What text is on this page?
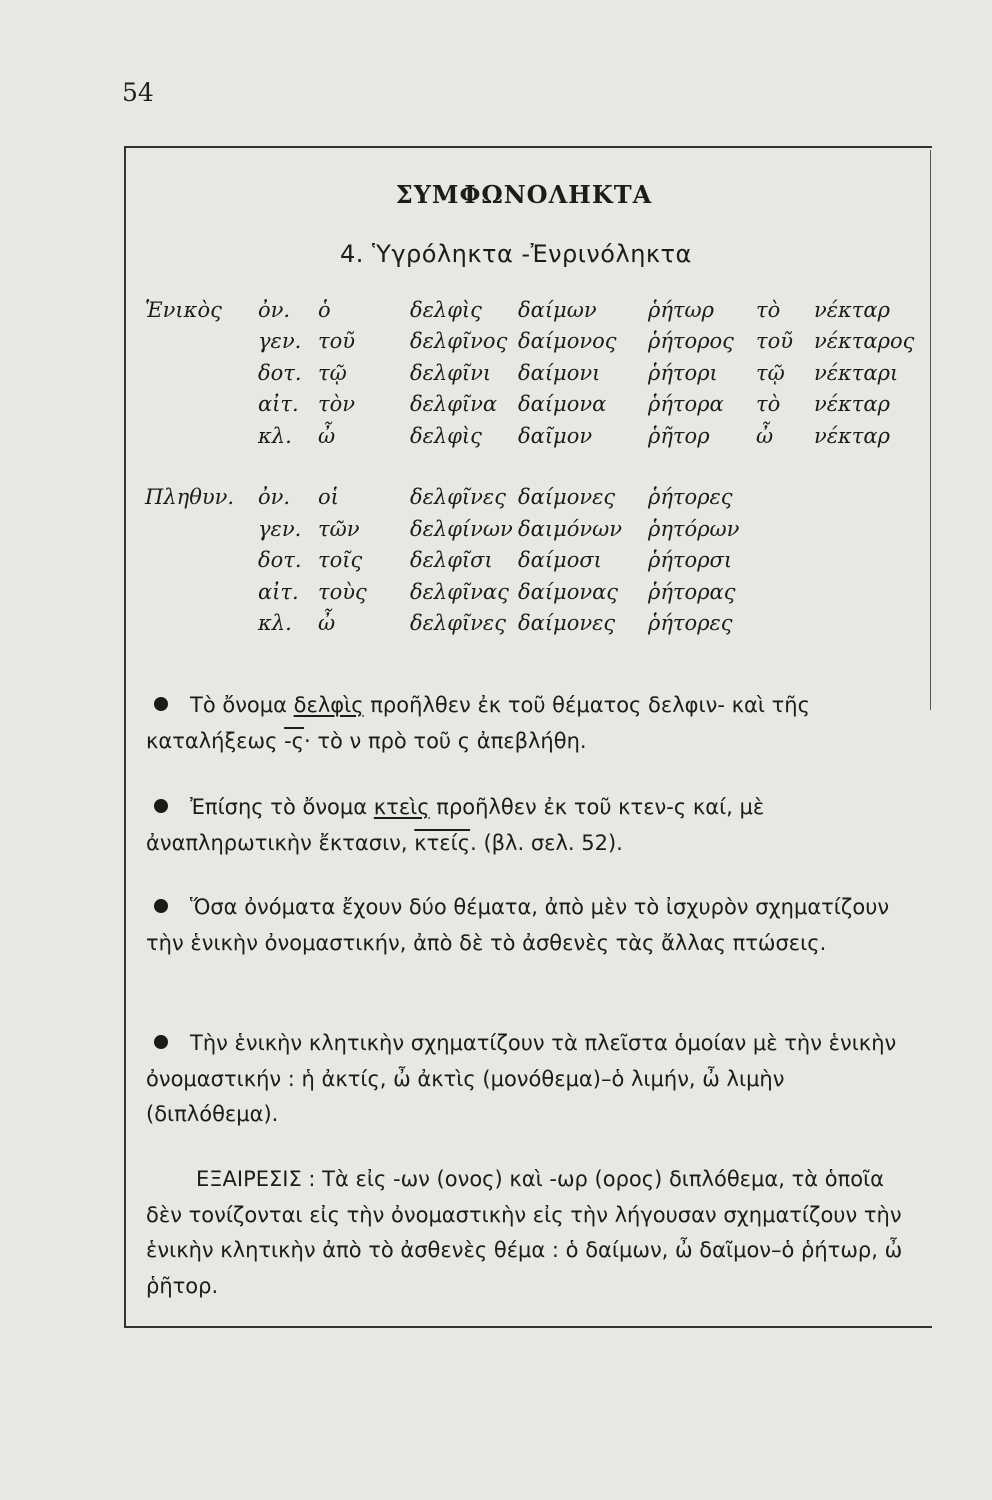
54
ΣΥΜΦΩΝΟΛΗΚΤΑ
4. Ὑγρόληκτα -Ἐνρινόληκτα
Ἑνικὸς	ὀν.	ὁ	δελφὶς	δαίμων	ῥήτωρ	τὸ	νέκταρ
	γεν.	τοῦ	δελφῖνος	δαίμονος	ῥήτορος	τοῦ	νέκταρος
	δοτ.	τῷ	δελφῖνι	δαίμονι	ῥήτορι	τῷ	νέκταρι
	αἰτ.	τὸν	δελφῖνα	δαίμονα	ῥήτορα	τὸ	νέκταρ
	κλ.	ὦ	δελφὶς	δαῖμον	ῥῆτορ	ὦ	νέκταρ

Πληθυν.	ὀν.	οἱ	δελφῖνες	δαίμονες	ῥήτορες		
	γεν.	τῶν	δελφίνων	δαιμόνων	ῥητόρων		
	δοτ.	τοῖς	δελφῖσι	δαίμοσι	ῥήτορσι		
	αἰτ.	τοὺς	δελφῖνας	δαίμονας	ῥήτορας		
	κλ.	ὦ	δελφῖνες	δαίμονες	ῥήτορες		
Τὸ ὄνομα δελφὶς προῆλθεν ἐκ τοῦ θέματος δελφιν- καὶ τῆς καταλήξεως -ς· τὸ ν πρὸ τοῦ ς ἀπεβλήθη.
Ἐπίσης τὸ ὄνομα κτεὶς προῆλθεν ἐκ τοῦ κτεν-ς καί, μὲ ἀναπληρωτικὴν ἔκτασιν, κτείς. (βλ. σελ. 52).
Ὅσα ὀνόματα ἔχουν δύο θέματα, ἀπὸ μὲν τὸ ἰσχυρὸν σχηματίζουν τὴν ἑνικὴν ὀνομαστικήν, ἀπὸ δὲ τὸ ἀσθενὲς τὰς ἄλλας πτώσεις.
Τὴν ἑνικὴν κλητικὴν σχηματίζουν τὰ πλεῖστα ὁμοίαν μὲ τὴν ἑνικὴν ὀνομαστικήν : ἡ ἀκτίς, ὦ ἀκτὶς (μονόθεμα)–ὁ λιμήν, ὦ λιμὴν (διπλόθεμα).
ΕΞΑΙΡΕΣΙΣ : Τὰ εἰς -ων (ονος) καὶ -ωρ (ορος) διπλόθεμα, τὰ ὁποῖα δὲν τονίζονται εἰς τὴν ὀνομαστικὴν εἰς τὴν λήγουσαν σχηματίζουν τὴν ἑνικὴν κλητικὴν ἀπὸ τὸ ἀσθενὲς θέμα : ὁ δαίμων, ὦ δαῖμον–ὁ ῥήτωρ, ὦ ῥῆτορ.
